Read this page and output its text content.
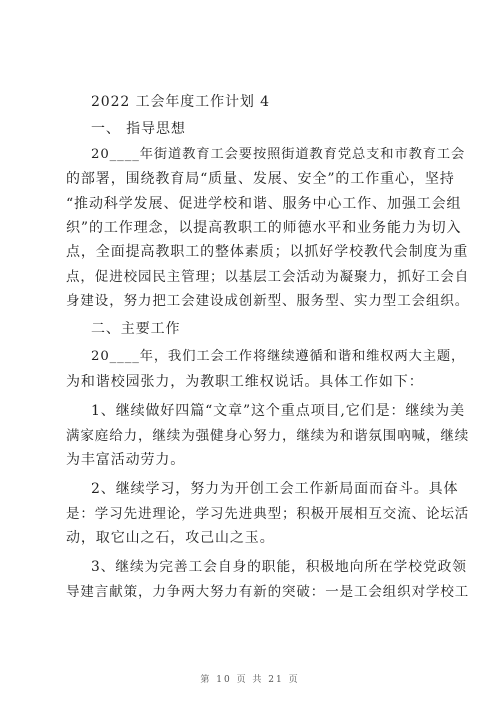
2022 工会年度工作计划 4
一、 指导思想
20____年街道教育工会要按照街道教育党总支和市教育工会
的部署，围绕教育局“质量、发展、安全”的工作重心，坚持
“推动科学发展、促进学校和谐、服务中心工作、加强工会组
织”的工作理念，以提高教职工的师德水平和业务能力为切入
点，全面提高教职工的整体素质；以抓好学校教代会制度为重
点，促进校园民主管理；以基层工会活动为凝聚力，抓好工会自
身建设，努力把工会建设成创新型、服务型、实力型工会组织。
二、主要工作
20____年，我们工会工作将继续遵循和谐和维权两大主题，
为和谐校园张力，为教职工维权说话。具体工作如下：
1、继续做好四篇“文章”这个重点项目,它们是：继续为美
满家庭给力，继续为强健身心努力，继续为和谐氛围吶喊，继续
为丰富活动劳力。
2、继续学习，努力为开创工会工作新局面而奋斗。具体
是：学习先进理论，学习先进典型；积极开展相互交流、论坛活
动，取它山之石，攻己山之玉。
3、继续为完善工会自身的职能，积极地向所在学校党政领
导建言献策，力争两大努力有新的突破：一是工会组织对学校工
第 10 页 共 21 页
